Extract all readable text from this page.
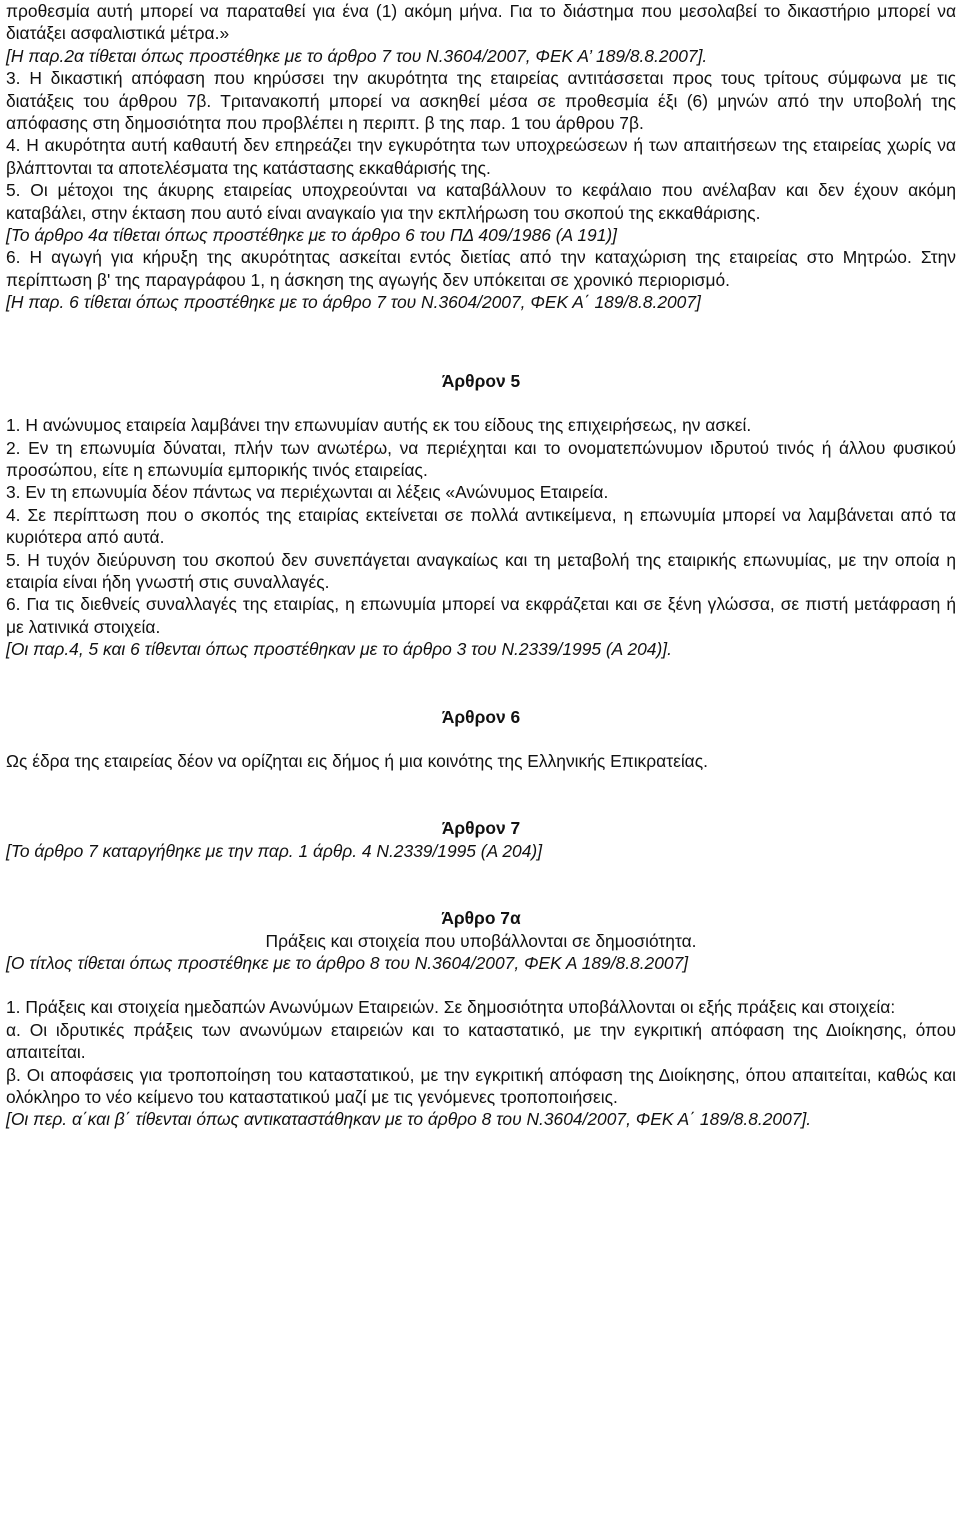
προθεσμία αυτή μπορεί να παραταθεί για ένα (1) ακόμη μήνα. Για το διάστημα που μεσολαβεί το δικαστήριο μπορεί να διατάξει ασφαλιστικά μέτρα.»

[Η παρ.2α τίθεται όπως προστέθηκε με το άρθρο 7 του Ν.3604/2007, ΦΕΚ Α’ 189/8.8.2007].

3. Η δικαστική απόφαση που κηρύσσει την ακυρότητα της εταιρείας αντιτάσσεται προς τους τρίτους σύμφωνα με τις διατάξεις του άρθρου 7β. Τριτανακοπή μπορεί να ασκηθεί μέσα σε προθεσμία έξι (6) μηνών από την υποβολή της απόφασης στη δημοσιότητα που προβλέπει η περιπτ. β της παρ. 1 του άρθρου 7β.

4. Η ακυρότητα αυτή καθαυτή δεν επηρεάζει την εγκυρότητα των υποχρεώσεων ή των απαιτήσεων της εταιρείας χωρίς να βλάπτονται τα αποτελέσματα της κατάστασης εκκαθάρισής της.

5. Οι μέτοχοι της άκυρης εταιρείας υποχρεούνται να καταβάλλουν το κεφάλαιο που ανέλαβαν και δεν έχουν ακόμη καταβάλει, στην έκταση που αυτό είναι αναγκαίο για την εκπλήρωση του σκοπού της εκκαθάρισης.

[Το άρθρο 4α τίθεται όπως προστέθηκε με το άρθρο 6 του ΠΔ 409/1986 (Α 191)]

6. Η αγωγή για κήρυξη της ακυρότητας ασκείται εντός διετίας από την καταχώριση της εταιρείας στο Μητρώο. Στην περίπτωση β' της παραγράφου 1, η άσκηση της αγωγής δεν υπόκειται σε χρονικό περιορισμό.

[Η παρ. 6 τίθεται όπως προστέθηκε με το άρθρο 7 του Ν.3604/2007, ΦΕΚ Α΄ 189/8.8.2007]

Άρθρον 5

1. Η ανώνυμος εταιρεία λαμβάνει την επωνυμίαν αυτής εκ του είδους της επιχειρήσεως, ην ασκεί.

2. Εν τη επωνυμία δύναται, πλήν των ανωτέρω, να περιέχηται και το ονοματεπώνυμον ιδρυτού τινός ή άλλου φυσικού προσώπου, είτε η επωνυμία εμπορικής τινός εταιρείας.

3. Εν τη επωνυμία δέον πάντως να περιέχωνται αι λέξεις «Ανώνυμος Εταιρεία.

4. Σε περίπτωση που ο σκοπός της εταιρίας εκτείνεται σε πολλά αντικείμενα, η επωνυμία μπορεί να λαμβάνεται από τα κυριότερα από αυτά.

5. Η τυχόν διεύρυνση του σκοπού δεν συνεπάγεται αναγκαίως και τη μεταβολή της εταιρικής επωνυμίας, με την οποία η εταιρία είναι ήδη γνωστή στις συναλλαγές.

6. Για τις διεθνείς συναλλαγές της εταιρίας, η επωνυμία μπορεί να εκφράζεται και σε ξένη γλώσσα, σε πιστή μετάφραση ή με λατινικά στοιχεία.

[Οι παρ.4, 5 και 6 τίθενται όπως προστέθηκαν με το άρθρο 3 του Ν.2339/1995 (Α 204)].

Άρθρον 6

Ως έδρα της εταιρείας δέον να ορίζηται εις δήμος ή μια κοινότης της Ελληνικής Επικρατείας.

Άρθρον 7

[Το άρθρο 7 καταργήθηκε με την παρ. 1 άρθρ. 4 Ν.2339/1995 (Α 204)]

Άρθρο 7α

Πράξεις και στοιχεία που υποβάλλονται σε δημοσιότητα.

[Ο τίτλος τίθεται όπως προστέθηκε με το άρθρο 8 του Ν.3604/2007, ΦΕΚ Α 189/8.8.2007]

1. Πράξεις και στοιχεία ημεδαπών Ανωνύμων Εταιρειών. Σε δημοσιότητα υποβάλλονται οι εξής πράξεις και στοιχεία:

α. Οι ιδρυτικές πράξεις των ανωνύμων εταιρειών και το καταστατικό, με την εγκριτική απόφαση της Διοίκησης, όπου απαιτείται.

β. Οι αποφάσεις για τροποποίηση του καταστατικού, με την εγκριτική απόφαση της Διοίκησης, όπου απαιτείται, καθώς και ολόκληρο το νέο κείμενο του καταστατικού μαζί με τις γενόμενες τροποποιήσεις.

[Οι περ. α΄και β΄ τίθενται όπως αντικαταστάθηκαν με το άρθρο 8 του Ν.3604/2007, ΦΕΚ Α΄ 189/8.8.2007].
